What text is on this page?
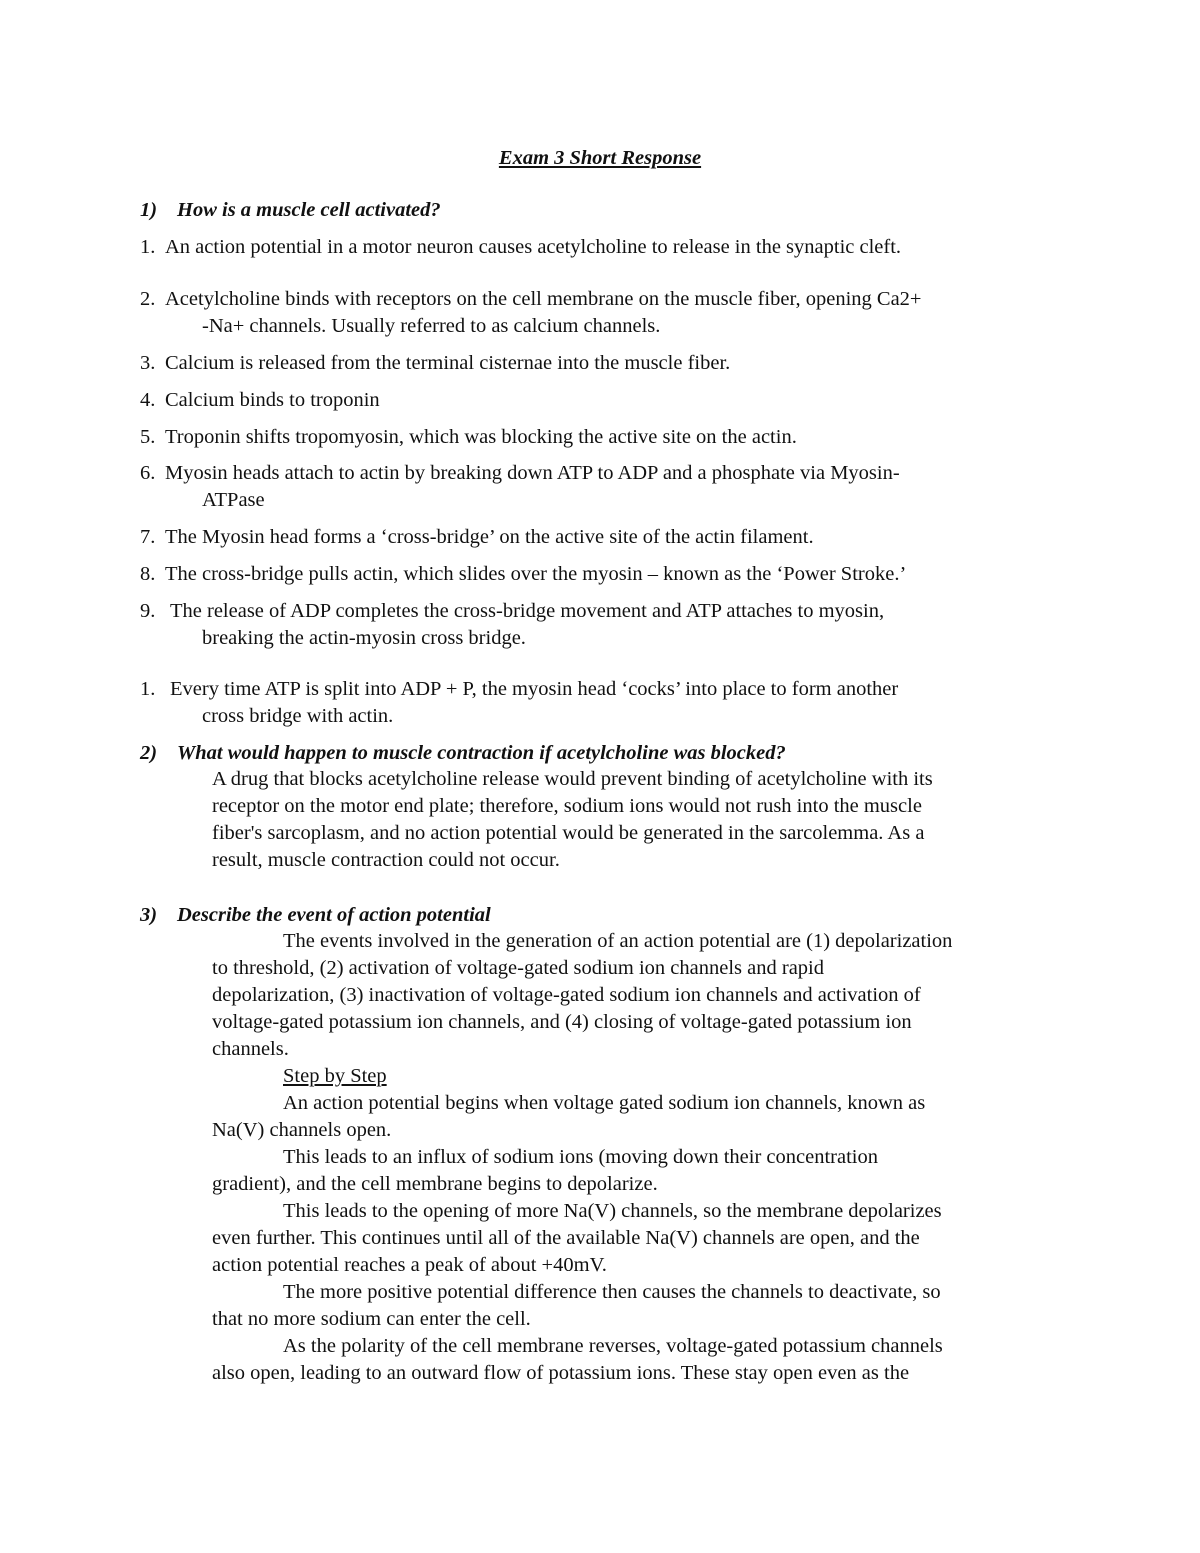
Exam 3 Short Response
1) How is a muscle cell activated?
1. An action potential in a motor neuron causes acetylcholine to release in the synaptic cleft.
2. Acetylcholine binds with receptors on the cell membrane on the muscle fiber, opening Ca2+
-Na+ channels. Usually referred to as calcium channels.
3. Calcium is released from the terminal cisternae into the muscle fiber.
4. Calcium binds to troponin
5. Troponin shifts tropomyosin, which was blocking the active site on the actin.
6. Myosin heads attach to actin by breaking down ATP to ADP and a phosphate via Myosin-
ATPase
7. The Myosin head forms a ‘cross-bridge’ on the active site of the actin filament.
8. The cross-bridge pulls actin, which slides over the myosin – known as the ‘Power Stroke.’
9. The release of ADP completes the cross-bridge movement and ATP attaches to myosin,
breaking the actin-myosin cross bridge.
1. Every time ATP is split into ADP + P, the myosin head ‘cocks’ into place to form another
cross bridge with actin.
2) What would happen to muscle contraction if acetylcholine was blocked?
A drug that blocks acetylcholine release would prevent binding of acetylcholine with its
receptor on the motor end plate; therefore, sodium ions would not rush into the muscle
fiber's sarcoplasm, and no action potential would be generated in the sarcolemma. As a
result, muscle contraction could not occur.
3) Describe the event of action potential
The events involved in the generation of an action potential are (1) depolarization
to threshold, (2) activation of voltage-gated sodium ion channels and rapid
depolarization, (3) inactivation of voltage-gated sodium ion channels and activation of
voltage-gated potassium ion channels, and (4) closing of voltage-gated potassium ion
channels.
Step by Step
An action potential begins when voltage gated sodium ion channels, known as
Na(V) channels open.
This leads to an influx of sodium ions (moving down their concentration
gradient), and the cell membrane begins to depolarize.
This leads to the opening of more Na(V) channels, so the membrane depolarizes
even further. This continues until all of the available Na(V) channels are open, and the
action potential reaches a peak of about +40mV.
The more positive potential difference then causes the channels to deactivate, so
that no more sodium can enter the cell.
As the polarity of the cell membrane reverses, voltage-gated potassium channels
also open, leading to an outward flow of potassium ions. These stay open even as the
